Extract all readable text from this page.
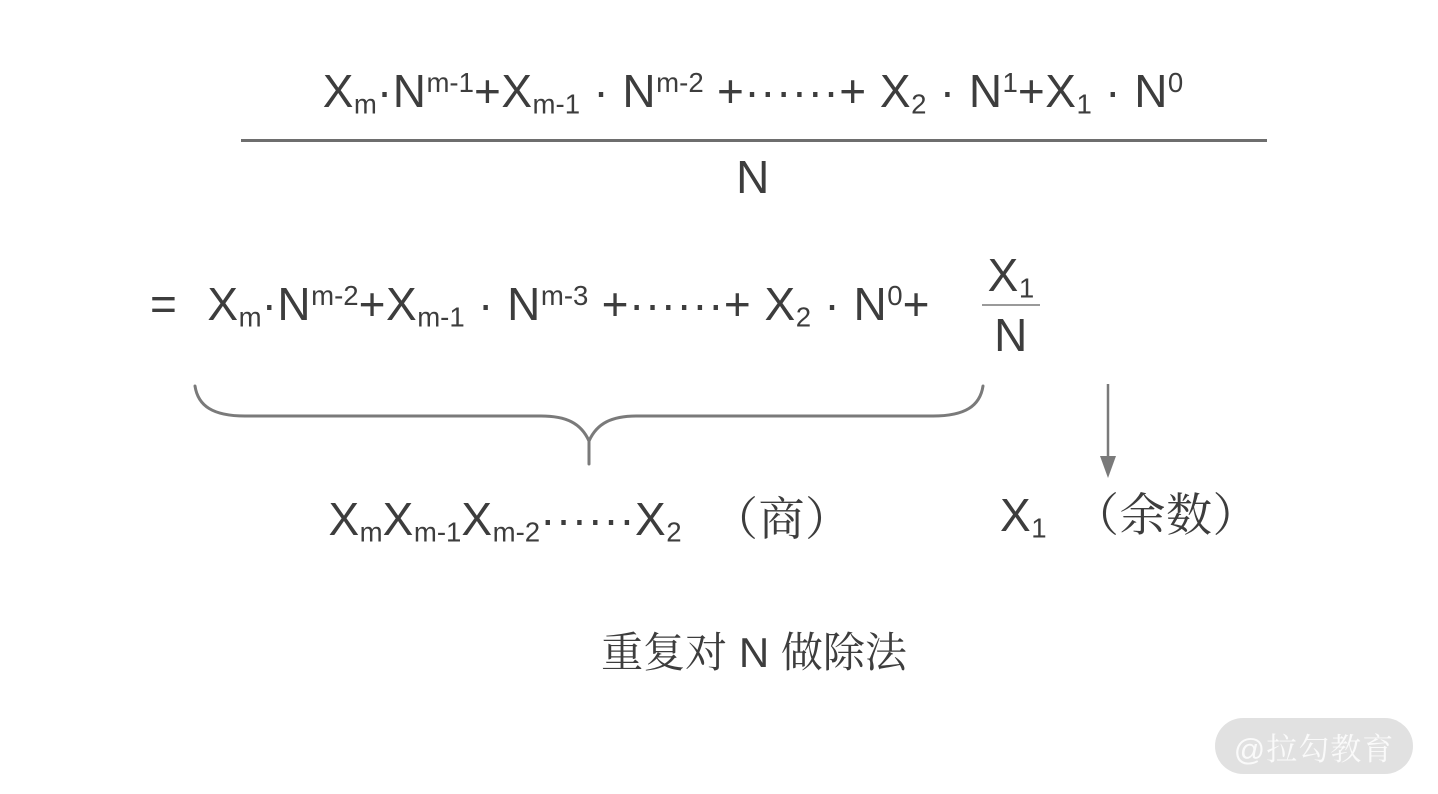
$X_m\cdot N^{m-1}+X_{m-1} \cdot N^{m-2}$ +······+ $X_2 \cdot N^1+X_1 \cdot N^0$
N
= $X_m\cdot N^{m-2}+X_{m-1} \cdot N^{m-3}$ +······+ $X_2 \cdot N^0+ \frac{X_1}{N}$
$X_mX_{m-1}X_{m-2}\cdot\cdot\cdot\cdot\cdot\cdot X_2$ （商）	$X_1$ （余数）
重复对 N 做除法
@拉勾教育
